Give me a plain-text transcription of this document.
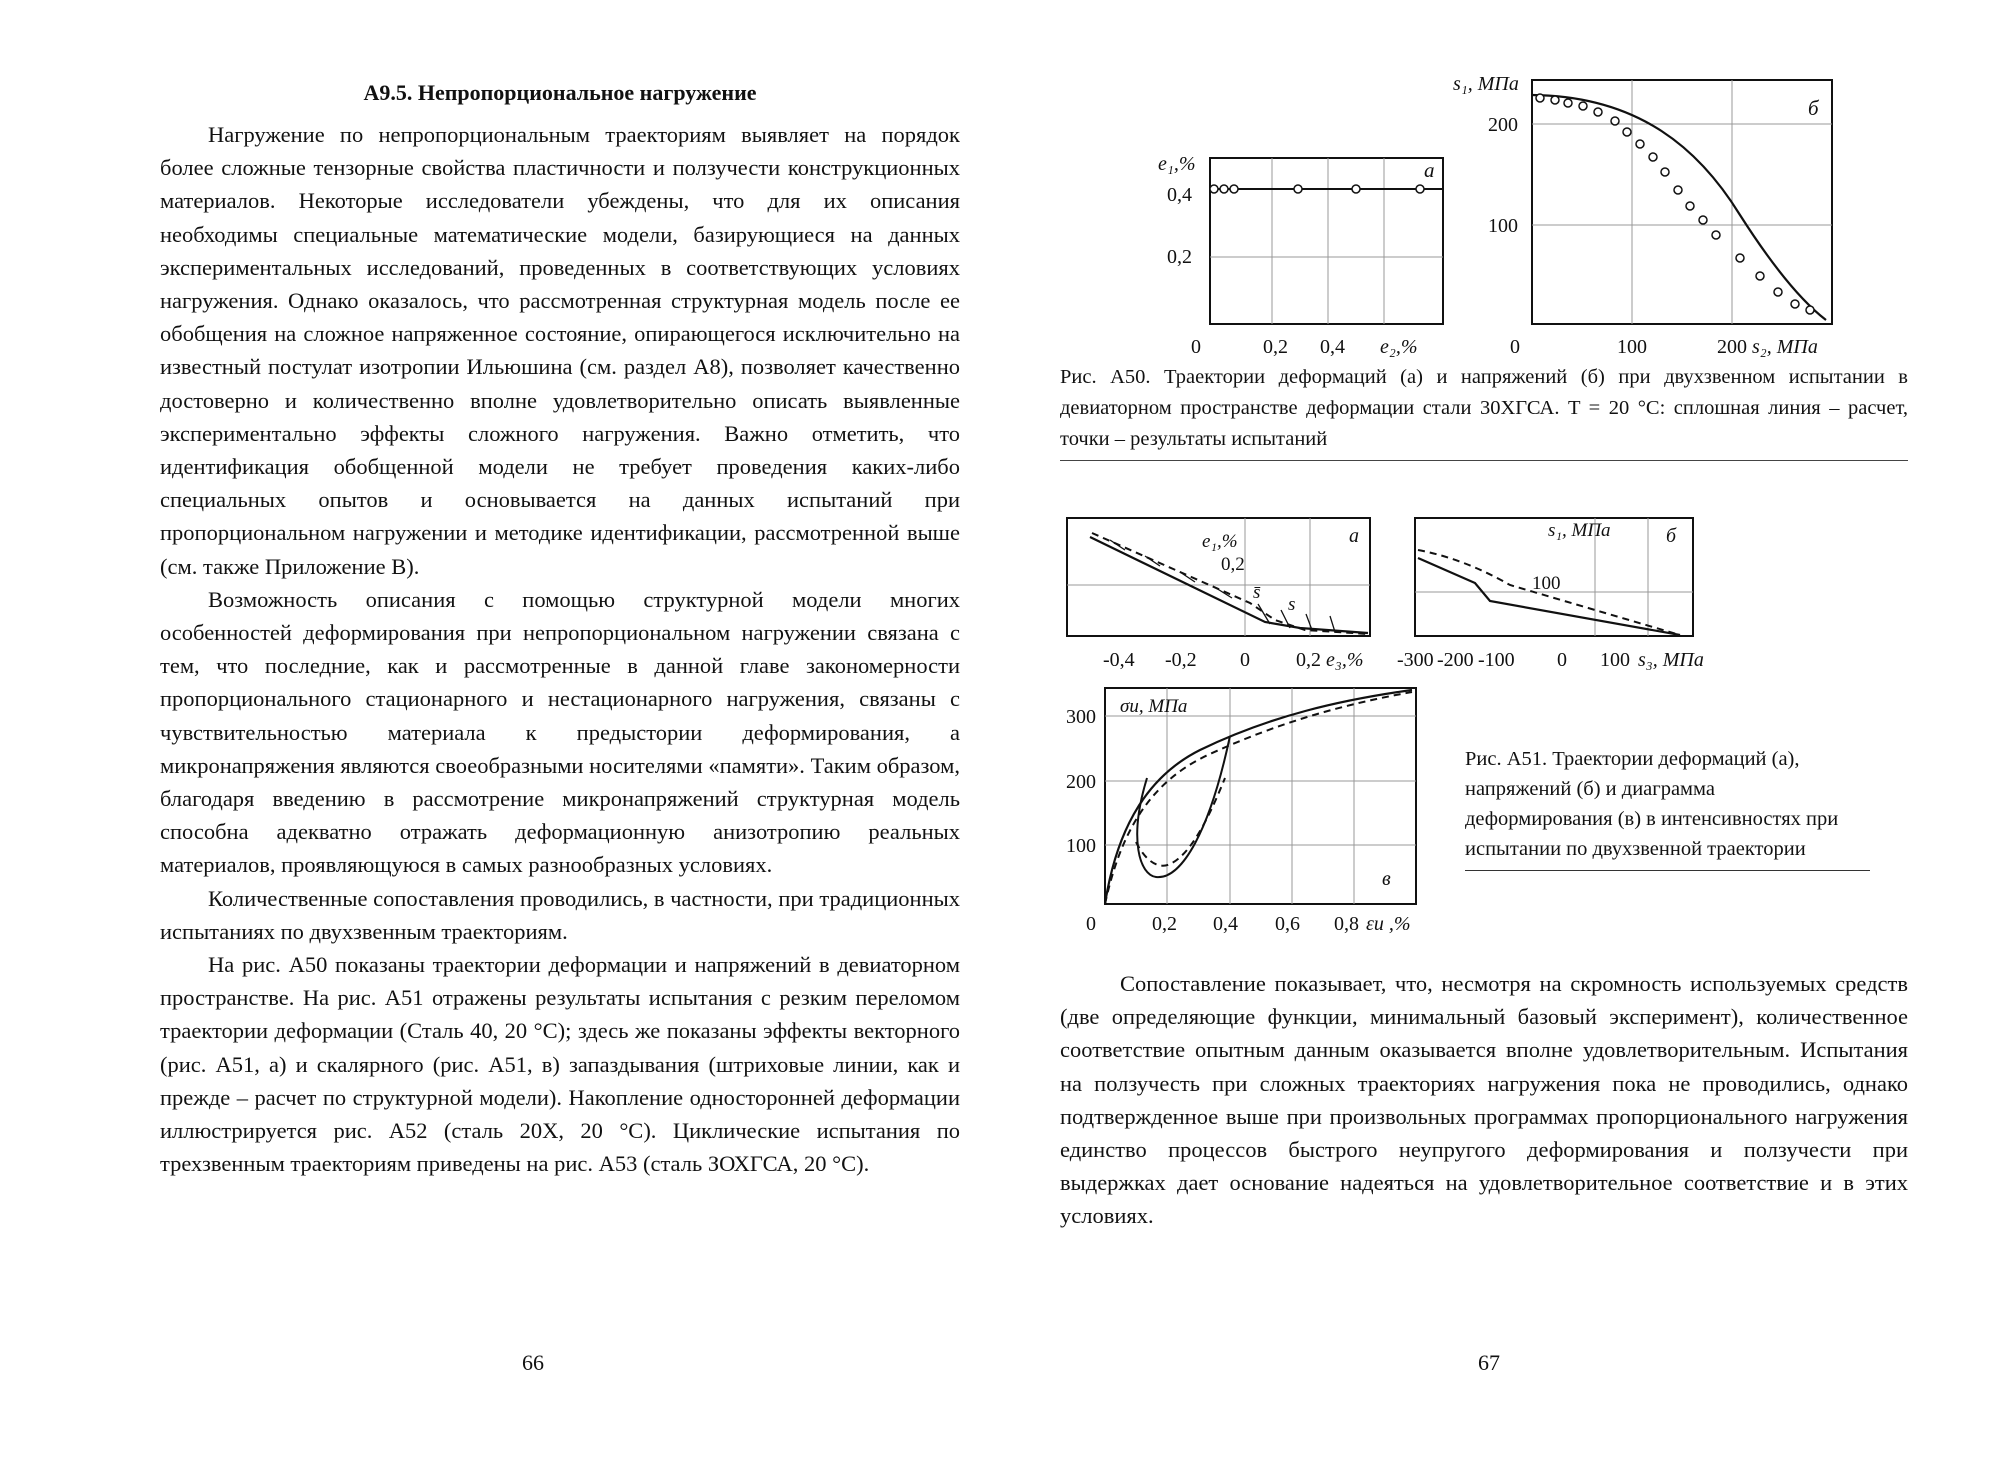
А9.5. Непропорциональное нагружение

Нагружение по непропорциональным траекториям выявляет на порядок более сложные тензорные свойства пластичности и ползучести конструкционных материалов. Некоторые исследователи убеждены, что для их описания необходимы специальные математические модели, базирующиеся на данных экспериментальных исследований, проведенных в соответствующих условиях нагружения. Однако оказалось, что рассмотренная структурная модель после ее обобщения на сложное напряженное состояние, опирающегося исключительно на известный постулат изотропии Ильюшина (см. раздел А8), позволяет качественно достоверно и количественно вполне удовлетворительно описать выявленные экспериментально эффекты сложного нагружения. Важно отметить, что идентификация обобщенной модели не требует проведения каких-либо специальных опытов и основывается на данных испытаний при пропорциональном нагружении и методике идентификации, рассмотренной выше (см. также Приложение В).

Возможность описания с помощью структурной модели многих особенностей деформирования при непропорциональном нагружении связана с тем, что последние, как и рассмотренные в данной главе закономерности пропорционального стационарного и нестационарного нагружения, связаны с чувствительностью материала к предыстории деформирования, а микронапряжения являются своеобразными носителями «памяти». Таким образом, благодаря введению в рассмотрение микронапряжений структурная модель способна адекватно отражать деформационную анизотропию реальных материалов, проявляющуюся в самых разнообразных условиях.

Количественные сопоставления проводились, в частности, при традиционных испытаниях по двухзвенным траекториям.

На рис. А50 показаны траектории деформации и напряжений в девиаторном пространстве. На рис. А51 отражены результаты испытания с резким переломом траектории деформации (Сталь 40, 20 °С); здесь же показаны эффекты векторного (рис. А51, а) и скалярного (рис. А51, в) запаздывания (штриховые линии, как и прежде – расчет по структурной модели). Накопление односторонней деформации иллюстрируется рис. А52 (сталь 20Х, 20 °С). Циклические испытания по трехзвенным траекториям приведены на рис. А53 (сталь ЗОХГСА, 20 °С).

66
e₁,%
0,4
0,2
а
0	0,2 0,4 e₂,%
s₁, МПа
200
100
б
0	100	200 s₂, МПа
e₁,%
0,2
s̄
s
а
-0,4 -0,2 0 0,2 e₃,%
s₁, МПа
100
б
-300 -200 -100 0 100 s₃, МПа
σи, МПа
300
200
100
в
0	0,2 0,4 0,6 0,8 εи ,%
Рис. А50. Траектории деформаций (а) и напряжений (б) при двухзвенном испытании в девиаторном пространстве деформации стали 30ХГСА. T = 20 °С: сплошная линия – расчет, точки – результаты испытаний
Рис. А51. Траектории деформаций (а), напряжений (б) и диаграмма деформирования (в) в интенсивностях при испытании по двухзвенной траектории

Сопоставление показывает, что, несмотря на скромность используемых средств (две определяющие функции, минимальный базовый эксперимент), количественное соответствие опытным данным оказывается вполне удовлетворительным. Испытания на ползучесть при сложных траекториях нагружения пока не проводились, однако подтвержденное выше при произвольных программах пропорционального нагружения единство процессов быстрого неупругого деформирования и ползучести при выдержках дает основание надеяться на удовлетворительное соответствие и в этих условиях.

67
